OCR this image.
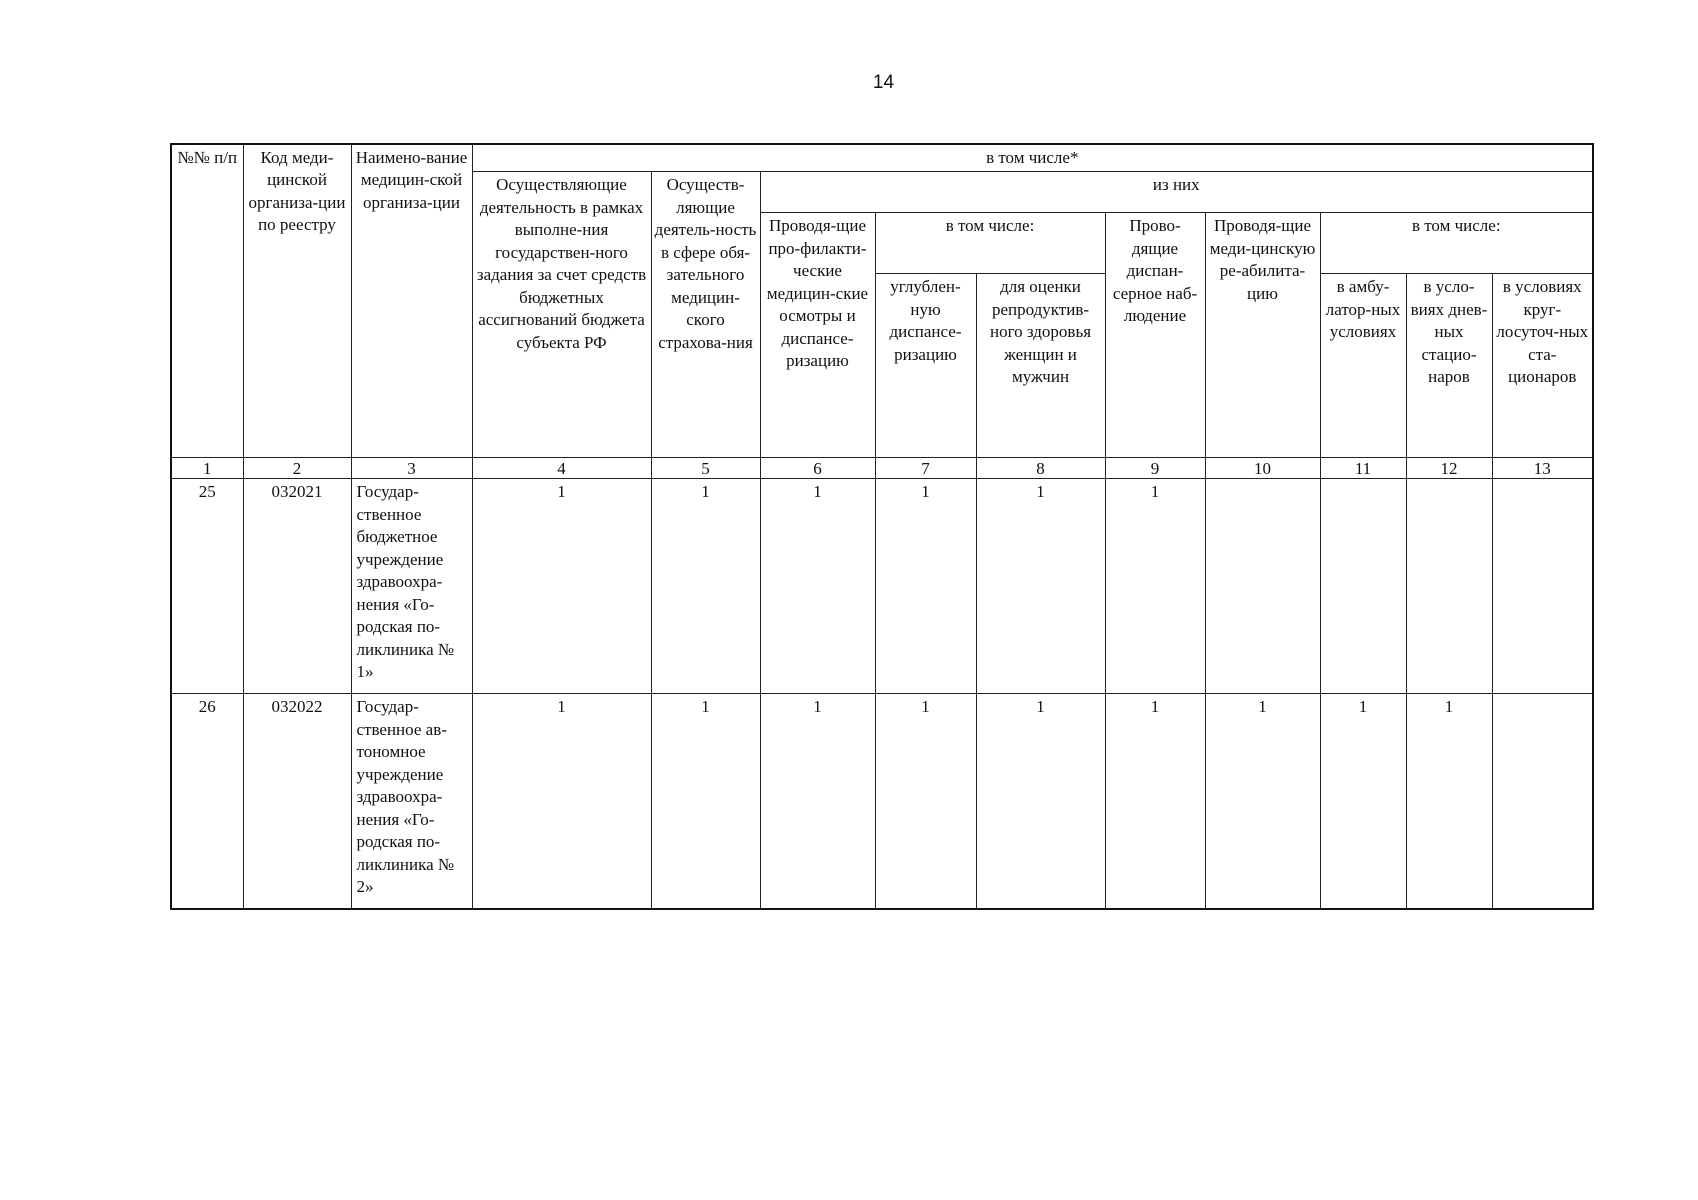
14
№№ п/п	Код меди-цинской организа-ции по реестру	Наимено-вание медицин-ской организа-ции	в том числе*									
			Осуществляющие деятельность в рамках выполне-ния государствен-ного задания за счет средств бюджетных ассигнований бюджета субъекта РФ	Осуществ-ляющие деятель-ность в сфере обя-зательного медицин-ского страхова-ния	из них							
					Проводя-щие про-филакти-ческие медицин-ские осмотры и диспансе-ризацию	в том числе:		Прово-дящие диспан-серное наб-людение	Проводя-щие меди-цинскую ре-абилита-цию	в том числе:		
						углублен-ную диспансе-ризацию	для оценки репродуктив-ного здоровья женщин и мужчин			в амбу-латор-ных условиях	в усло-виях днев-ных стацио-наров	в условиях круг-лосуточ-ных ста-ционаров
1	2	3	4	5	6	7	8	9	10	11	12	13
25	032021	Государ-ственное бюджетное учреждение здравоохра-нения «Го-родская по-ликлиника № 1»	1	1	1	1	1	1				
26	032022	Государ-ственное ав-тономное учреждение здравоохра-нения «Го-родская по-ликлиника № 2»	1	1	1	1	1	1	1	1	1	
